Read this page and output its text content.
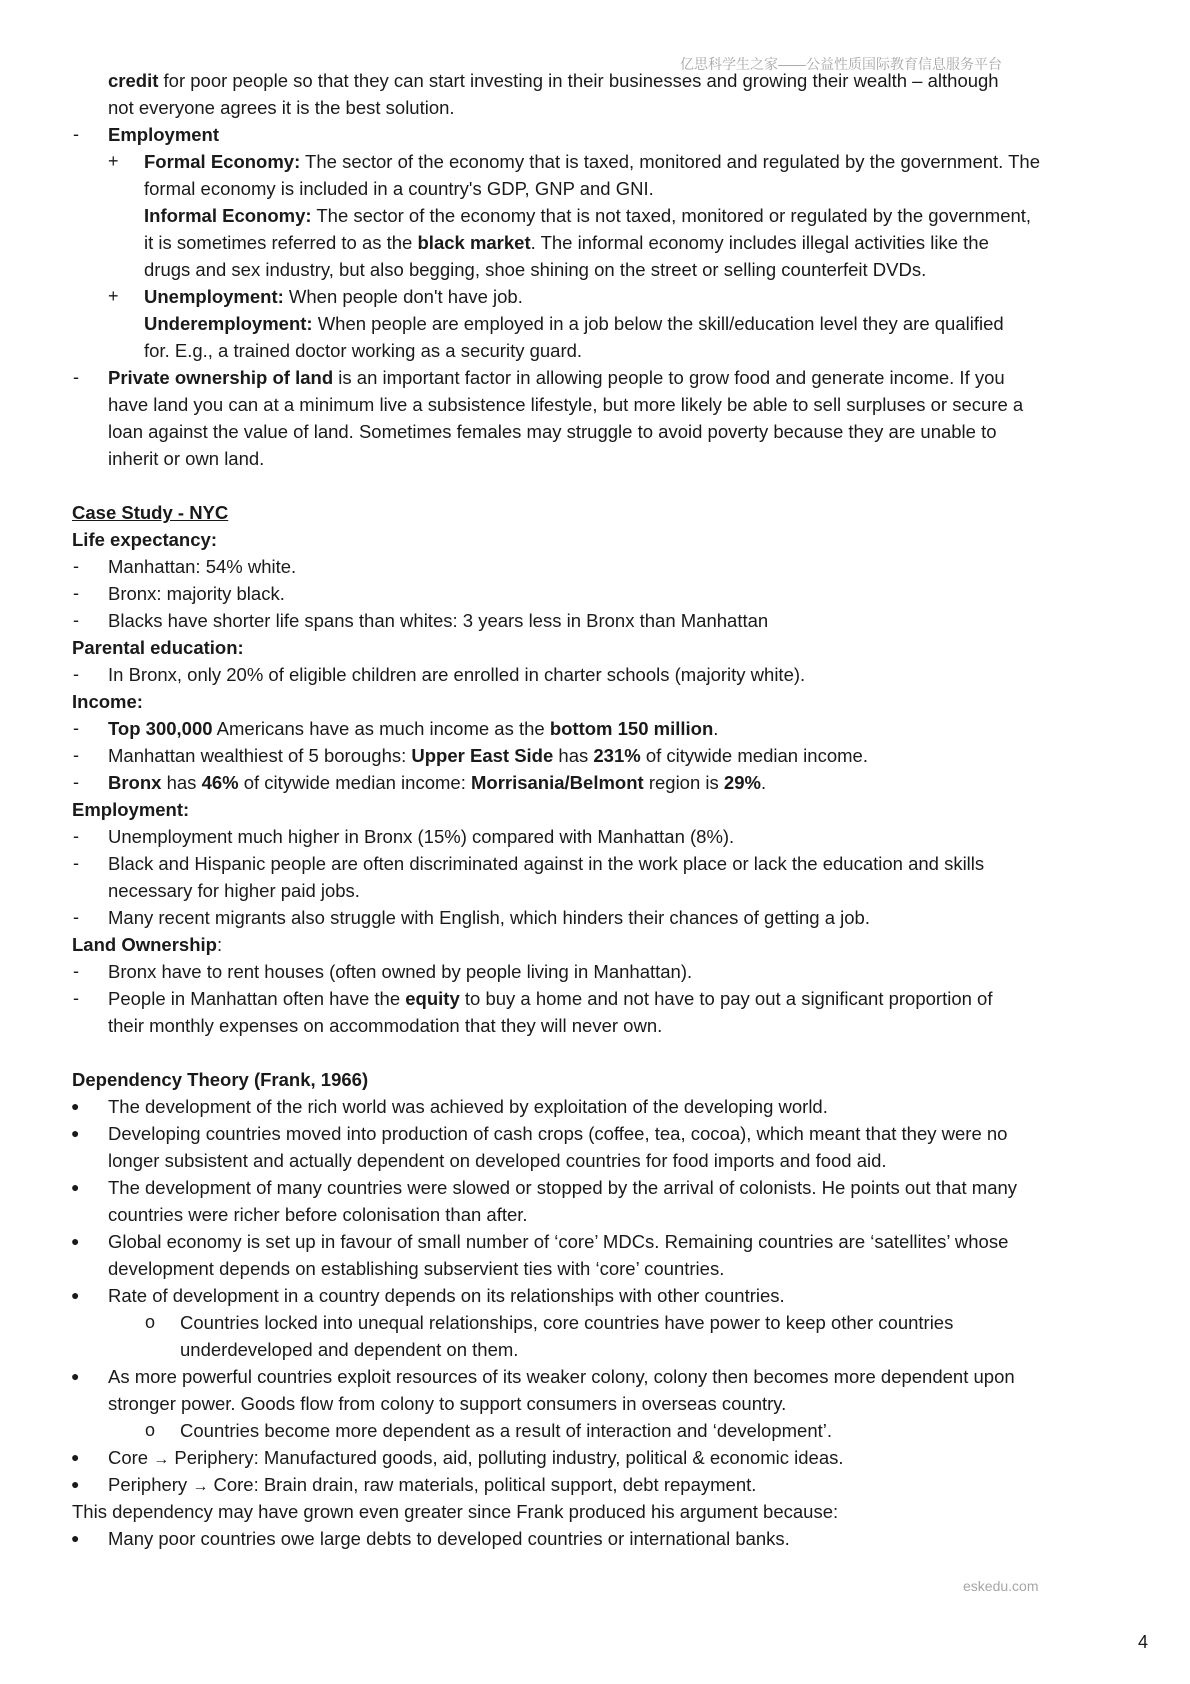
亿思科学生之家——公益性质国际教育信息服务平台
credit for poor people so that they can start investing in their businesses and growing their wealth – although
not everyone agrees it is the best solution.
- Employment
+ Formal Economy: The sector of the economy that is taxed, monitored and regulated by the government. The
formal economy is included in a country's GDP, GNP and GNI.
Informal Economy: The sector of the economy that is not taxed, monitored or regulated by the government,
it is sometimes referred to as the black market. The informal economy includes illegal activities like the
drugs and sex industry, but also begging, shoe shining on the street or selling counterfeit DVDs.
+ Unemployment: When people don't have job.
Underemployment: When people are employed in a job below the skill/education level they are qualified
for. E.g., a trained doctor working as a security guard.
- Private ownership of land is an important factor in allowing people to grow food and generate income. If you
have land you can at a minimum live a subsistence lifestyle, but more likely be able to sell surpluses or secure a
loan against the value of land. Sometimes females may struggle to avoid poverty because they are unable to
inherit or own land.
Case Study - NYC
Life expectancy:
- Manhattan: 54% white.
- Bronx: majority black.
- Blacks have shorter life spans than whites: 3 years less in Bronx than Manhattan
Parental education:
- In Bronx, only 20% of eligible children are enrolled in charter schools (majority white).
Income:
- Top 300,000 Americans have as much income as the bottom 150 million.
- Manhattan wealthiest of 5 boroughs: Upper East Side has 231% of citywide median income.
- Bronx has 46% of citywide median income: Morrisania/Belmont region is 29%.
Employment:
- Unemployment much higher in Bronx (15%) compared with Manhattan (8%).
- Black and Hispanic people are often discriminated against in the work place or lack the education and skills
necessary for higher paid jobs.
- Many recent migrants also struggle with English, which hinders their chances of getting a job.
Land Ownership:
- Bronx have to rent houses (often owned by people living in Manhattan).
- People in Manhattan often have the equity to buy a home and not have to pay out a significant proportion of
their monthly expenses on accommodation that they will never own.
Dependency Theory (Frank, 1966)
● The development of the rich world was achieved by exploitation of the developing world.
● Developing countries moved into production of cash crops (coffee, tea, cocoa), which meant that they were no
longer subsistent and actually dependent on developed countries for food imports and food aid.
● The development of many countries were slowed or stopped by the arrival of colonists. He points out that many
countries were richer before colonisation than after.
● Global economy is set up in favour of small number of ‘core’ MDCs. Remaining countries are ‘satellites’ whose
development depends on establishing subservient ties with ‘core’ countries.
● Rate of development in a country depends on its relationships with other countries.
o Countries locked into unequal relationships, core countries have power to keep other countries
underdeveloped and dependent on them.
● As more powerful countries exploit resources of its weaker colony, colony then becomes more dependent upon
stronger power. Goods flow from colony to support consumers in overseas country.
o Countries become more dependent as a result of interaction and ‘development’.
● Core → Periphery: Manufactured goods, aid, polluting industry, political & economic ideas.
● Periphery → Core: Brain drain, raw materials, political support, debt repayment.
This dependency may have grown even greater since Frank produced his argument because:
● Many poor countries owe large debts to developed countries or international banks.
eskedu.com
4
